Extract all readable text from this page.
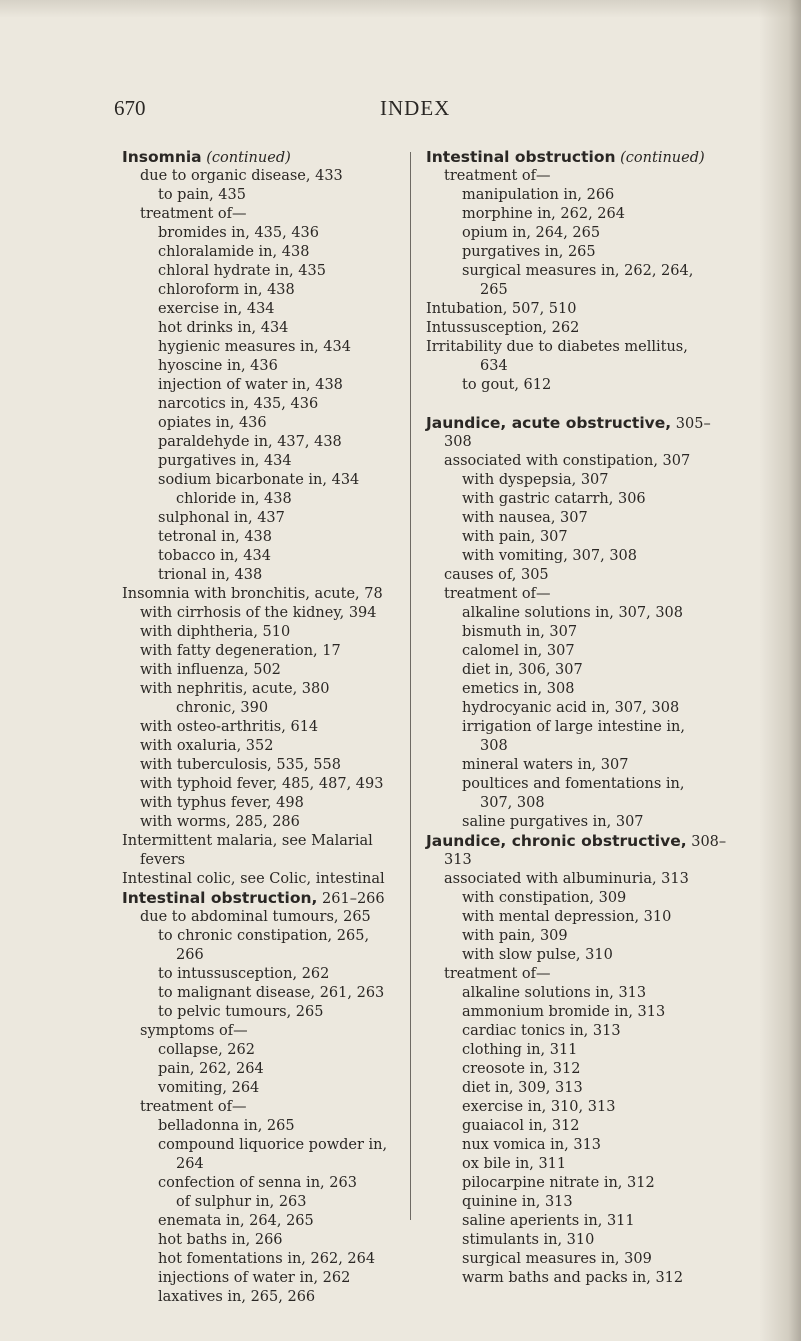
670	INDEX
Insomnia (continued)
due to organic disease, 433
to pain, 435
treatment of—
bromides in, 435, 436
chloralamide in, 438
chloral hydrate in, 435
chloroform in, 438
exercise in, 434
hot drinks in, 434
hygienic measures in, 434
hyoscine in, 436
injection of water in, 438
narcotics in, 435, 436
opiates in, 436
paraldehyde in, 437, 438
purgatives in, 434
sodium bicarbonate in, 434
chloride in, 438
sulphonal in, 437
tetronal in, 438
tobacco in, 434
trional in, 438
Insomnia with bronchitis, acute, 78
with cirrhosis of the kidney, 394
with diphtheria, 510
with fatty degeneration, 17
with influenza, 502
with nephritis, acute, 380
chronic, 390
with osteo-arthritis, 614
with oxaluria, 352
with tuberculosis, 535, 558
with typhoid fever, 485, 487, 493
with typhus fever, 498
with worms, 285, 286
Intermittent malaria, see Malarial
fevers
Intestinal colic, see Colic, intestinal
Intestinal obstruction, 261–266
due to abdominal tumours, 265
to chronic constipation, 265,
266
to intussusception, 262
to malignant disease, 261, 263
to pelvic tumours, 265
symptoms of—
collapse, 262
pain, 262, 264
vomiting, 264
treatment of—
belladonna in, 265
compound liquorice powder in,
264
confection of senna in, 263
of sulphur in, 263
enemata in, 264, 265
hot baths in, 266
hot fomentations in, 262, 264
injections of water in, 262
laxatives in, 265, 266
Intestinal obstruction (continued)
treatment of—
manipulation in, 266
morphine in, 262, 264
opium in, 264, 265
purgatives in, 265
surgical measures in, 262, 264,
265
Intubation, 507, 510
Intussusception, 262
Irritability due to diabetes mellitus,
634
to gout, 612
Jaundice, acute obstructive, 305–
308
associated with constipation, 307
with dyspepsia, 307
with gastric catarrh, 306
with nausea, 307
with pain, 307
with vomiting, 307, 308
causes of, 305
treatment of—
alkaline solutions in, 307, 308
bismuth in, 307
calomel in, 307
diet in, 306, 307
emetics in, 308
hydrocyanic acid in, 307, 308
irrigation of large intestine in,
308
mineral waters in, 307
poultices and fomentations in,
307, 308
saline purgatives in, 307
Jaundice, chronic obstructive, 308–
313
associated with albuminuria, 313
with constipation, 309
with mental depression, 310
with pain, 309
with slow pulse, 310
treatment of—
alkaline solutions in, 313
ammonium bromide in, 313
cardiac tonics in, 313
clothing in, 311
creosote in, 312
diet in, 309, 313
exercise in, 310, 313
guaiacol in, 312
nux vomica in, 313
ox bile in, 311
pilocarpine nitrate in, 312
quinine in, 313
saline aperients in, 311
stimulants in, 310
surgical measures in, 309
warm baths and packs in, 312
